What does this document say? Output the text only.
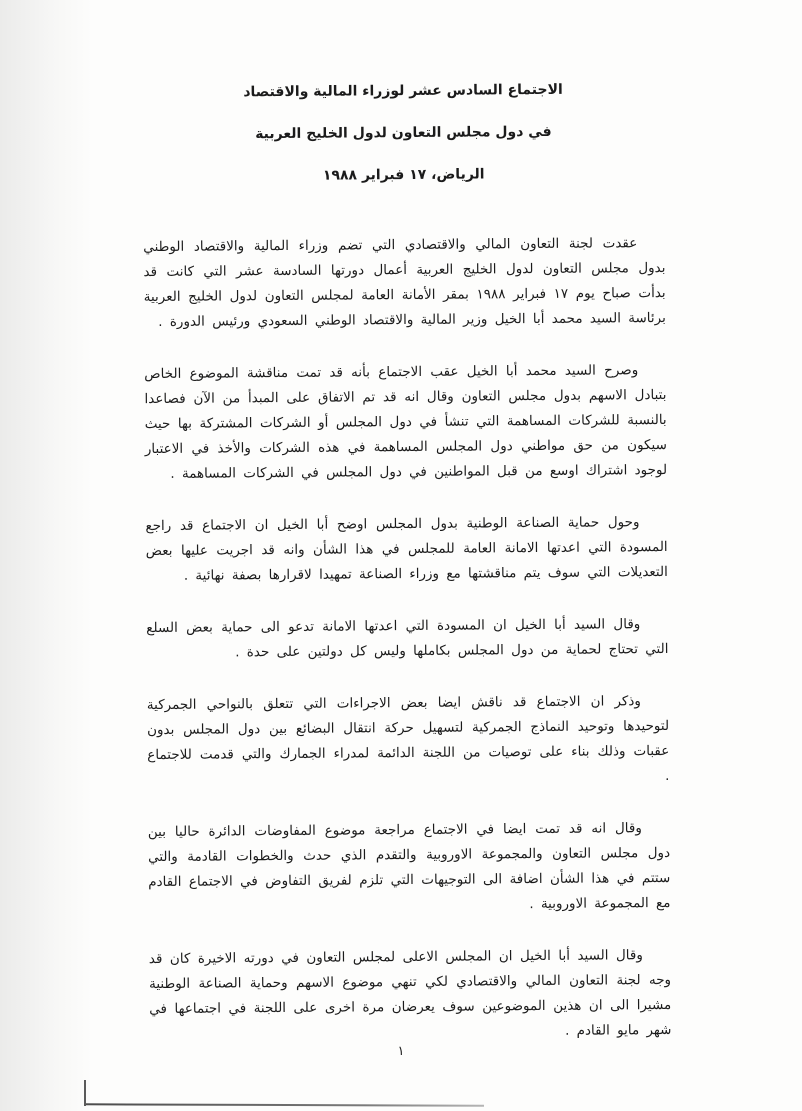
الاجتماع السادس عشر لوزراء المالية والاقتصاد
في دول مجلس التعاون لدول الخليج العربية
الرياض، ١٧ فبراير ١٩٨٨

عقدت لجنة التعاون المالي والاقتصادي التي تضم وزراء المالية والاقتصاد الوطني بدول مجلس التعاون لدول الخليج العربية أعمال دورتها السادسة عشر التي كانت قد بدأت صباح يوم ١٧ فبراير ١٩٨٨ بمقر الأمانة العامة لمجلس التعاون لدول الخليج العربية برئاسة السيد محمد أبا الخيل وزير المالية والاقتصاد الوطني السعودي ورئيس الدورة .

وصرح السيد محمد أبا الخيل عقب الاجتماع بأنه قد تمت مناقشة الموضوع الخاص بتبادل الاسهم بدول مجلس التعاون وقال انه قد تم الاتفاق على المبدأ من الآن فصاعدا بالنسبة للشركات المساهمة التي تنشأ في دول المجلس أو الشركات المشتركة بها حيث سيكون من حق مواطني دول المجلس المساهمة في هذه الشركات والأخذ في الاعتبار لوجود اشتراك اوسع من قبل المواطنين في دول المجلس في الشركات المساهمة .

وحول حماية الصناعة الوطنية بدول المجلس اوضح أبا الخيل ان الاجتماع قد راجع المسودة التي اعدتها الامانة العامة للمجلس في هذا الشأن وانه قد اجريت عليها بعض التعديلات التي سوف يتم مناقشتها مع وزراء الصناعة تمهيدا لاقرارها بصفة نهائية .

وقال السيد أبا الخيل ان المسودة التي اعدتها الامانة تدعو الى حماية بعض السلع التي تحتاج لحماية من دول المجلس بكاملها وليس كل دولتين على حدة .

وذكر ان الاجتماع قد ناقش ايضا بعض الاجراءات التي تتعلق بالنواحي الجمركية لتوحيدها وتوحيد النماذج الجمركية لتسهيل حركة انتقال البضائع بين دول المجلس بدون عقبات وذلك بناء على توصيات من اللجنة الدائمة لمدراء الجمارك والتي قدمت للاجتماع .

وقال انه قد تمت ايضا في الاجتماع مراجعة موضوع المفاوضات الدائرة حاليا بين دول مجلس التعاون والمجموعة الاوروبية والتقدم الذي حدث والخطوات القادمة والتي ستتم في هذا الشأن اضافة الى التوجيهات التي تلزم لفريق التفاوض في الاجتماع القادم مع المجموعة الاوروبية .

وقال السيد أبا الخيل ان المجلس الاعلى لمجلس التعاون في دورته الاخيرة كان قد وجه لجنة التعاون المالي والاقتصادي لكي تنهي موضوع الاسهم وحماية الصناعة الوطنية مشيرا الى ان هذين الموضوعين سوف يعرضان مرة اخرى على اللجنة في اجتماعها في شهر مايو القادم .

١
